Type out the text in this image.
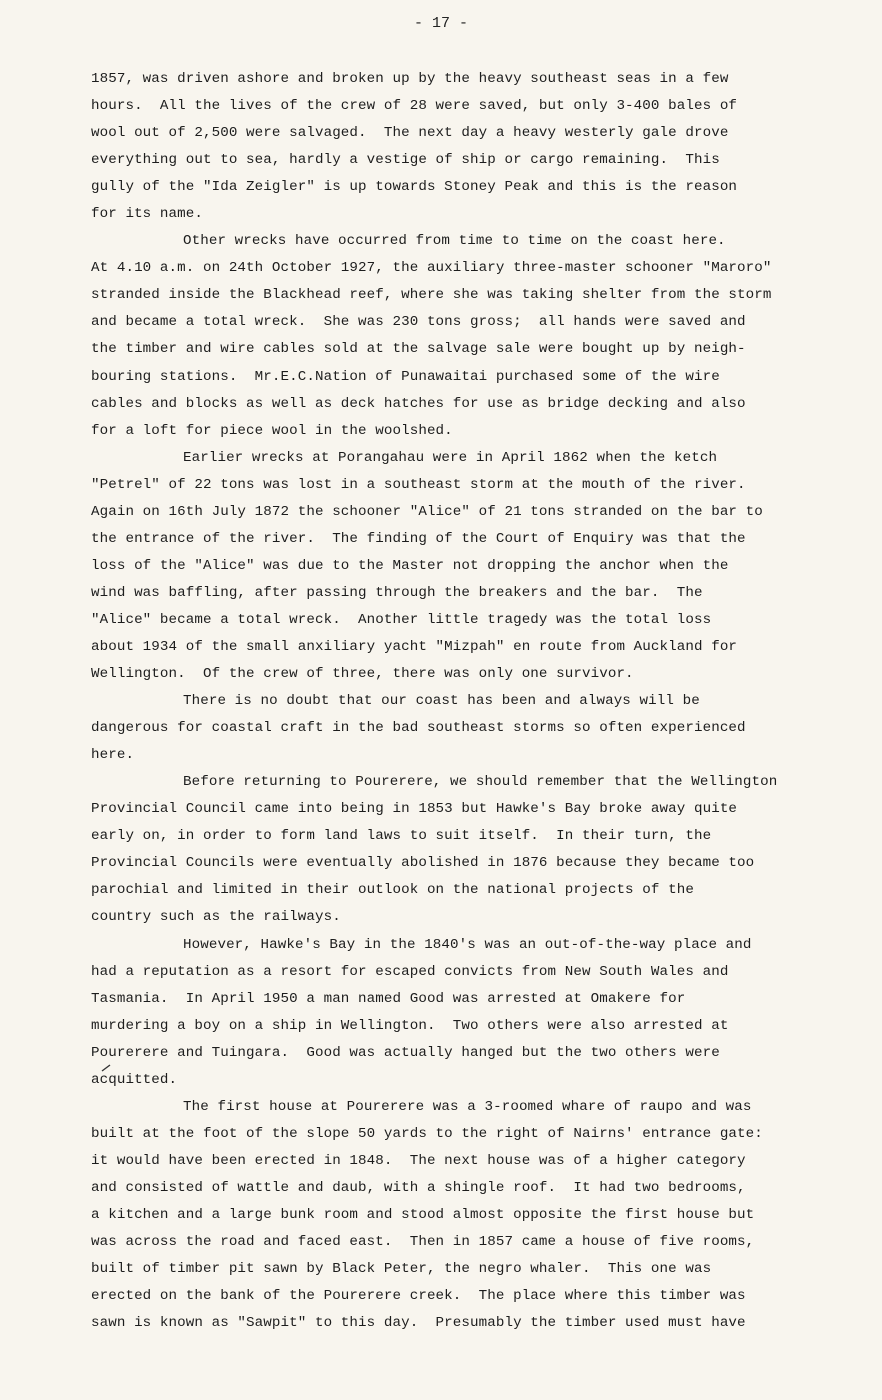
- 17 -
1857, was driven ashore and broken up by the heavy southeast seas in a few
hours.  All the lives of the crew of 28 were saved, but only 3-400 bales of
wool out of 2,500 were salvaged.  The next day a heavy westerly gale drove
everything out to sea, hardly a vestige of ship or cargo remaining.  This
gully of the "Ida Zeigler" is up towards Stoney Peak and this is the reason
for its name.
Other wrecks have occurred from time to time on the coast here.
At 4.10 a.m. on 24th October 1927, the auxiliary three-master schooner "Maroro"
stranded inside the Blackhead reef, where she was taking shelter from the storm
and became a total wreck.  She was 230 tons gross;  all hands were saved and
the timber and wire cables sold at the salvage sale were bought up by neigh-
bouring stations.  Mr.E.C.Nation of Punawaitai purchased some of the wire
cables and blocks as well as deck hatches for use as bridge decking and also
for a loft for piece wool in the woolshed.
Earlier wrecks at Porangahau were in April 1862 when the ketch
"Petrel" of 22 tons was lost in a southeast storm at the mouth of the river.
Again on 16th July 1872 the schooner "Alice" of 21 tons stranded on the bar to
the entrance of the river.  The finding of the Court of Enquiry was that the
loss of the "Alice" was due to the Master not dropping the anchor when the
wind was baffling, after passing through the breakers and the bar.  The
"Alice" became a total wreck.  Another little tragedy was the total loss
about 1934 of the small anxiliary yacht "Mizpah" en route from Auckland for
Wellington.  Of the crew of three, there was only one survivor.
There is no doubt that our coast has been and always will be
dangerous for coastal craft in the bad southeast storms so often experienced
here.
Before returning to Pourerere, we should remember that the Wellington
Provincial Council came into being in 1853 but Hawke's Bay broke away quite
early on, in order to form land laws to suit itself.  In their turn, the
Provincial Councils were eventually abolished in 1876 because they became too
parochial and limited in their outlook on the national projects of the
country such as the railways.
However, Hawke's Bay in the 1840's was an out-of-the-way place and
had a reputation as a resort for escaped convicts from New South Wales and
Tasmania.  In April 1950 a man named Good was arrested at Omakere for
murdering a boy on a ship in Wellington.  Two others were also arrested at
Pourerere and Tuingara.  Good was actually hanged but the two others were
acquitted.
The first house at Pourerere was a 3-roomed whare of raupo and was
built at the foot of the slope 50 yards to the right of Nairns' entrance gate:
it would have been erected in 1848.  The next house was of a higher category
and consisted of wattle and daub, with a shingle roof.  It had two bedrooms,
a kitchen and a large bunk room and stood almost opposite the first house but
was across the road and faced east.  Then in 1857 came a house of five rooms,
built of timber pit sawn by Black Peter, the negro whaler.  This one was
erected on the bank of the Pourerere creek.  The place where this timber was
sawn is known as "Sawpit" to this day.  Presumably the timber used must have
